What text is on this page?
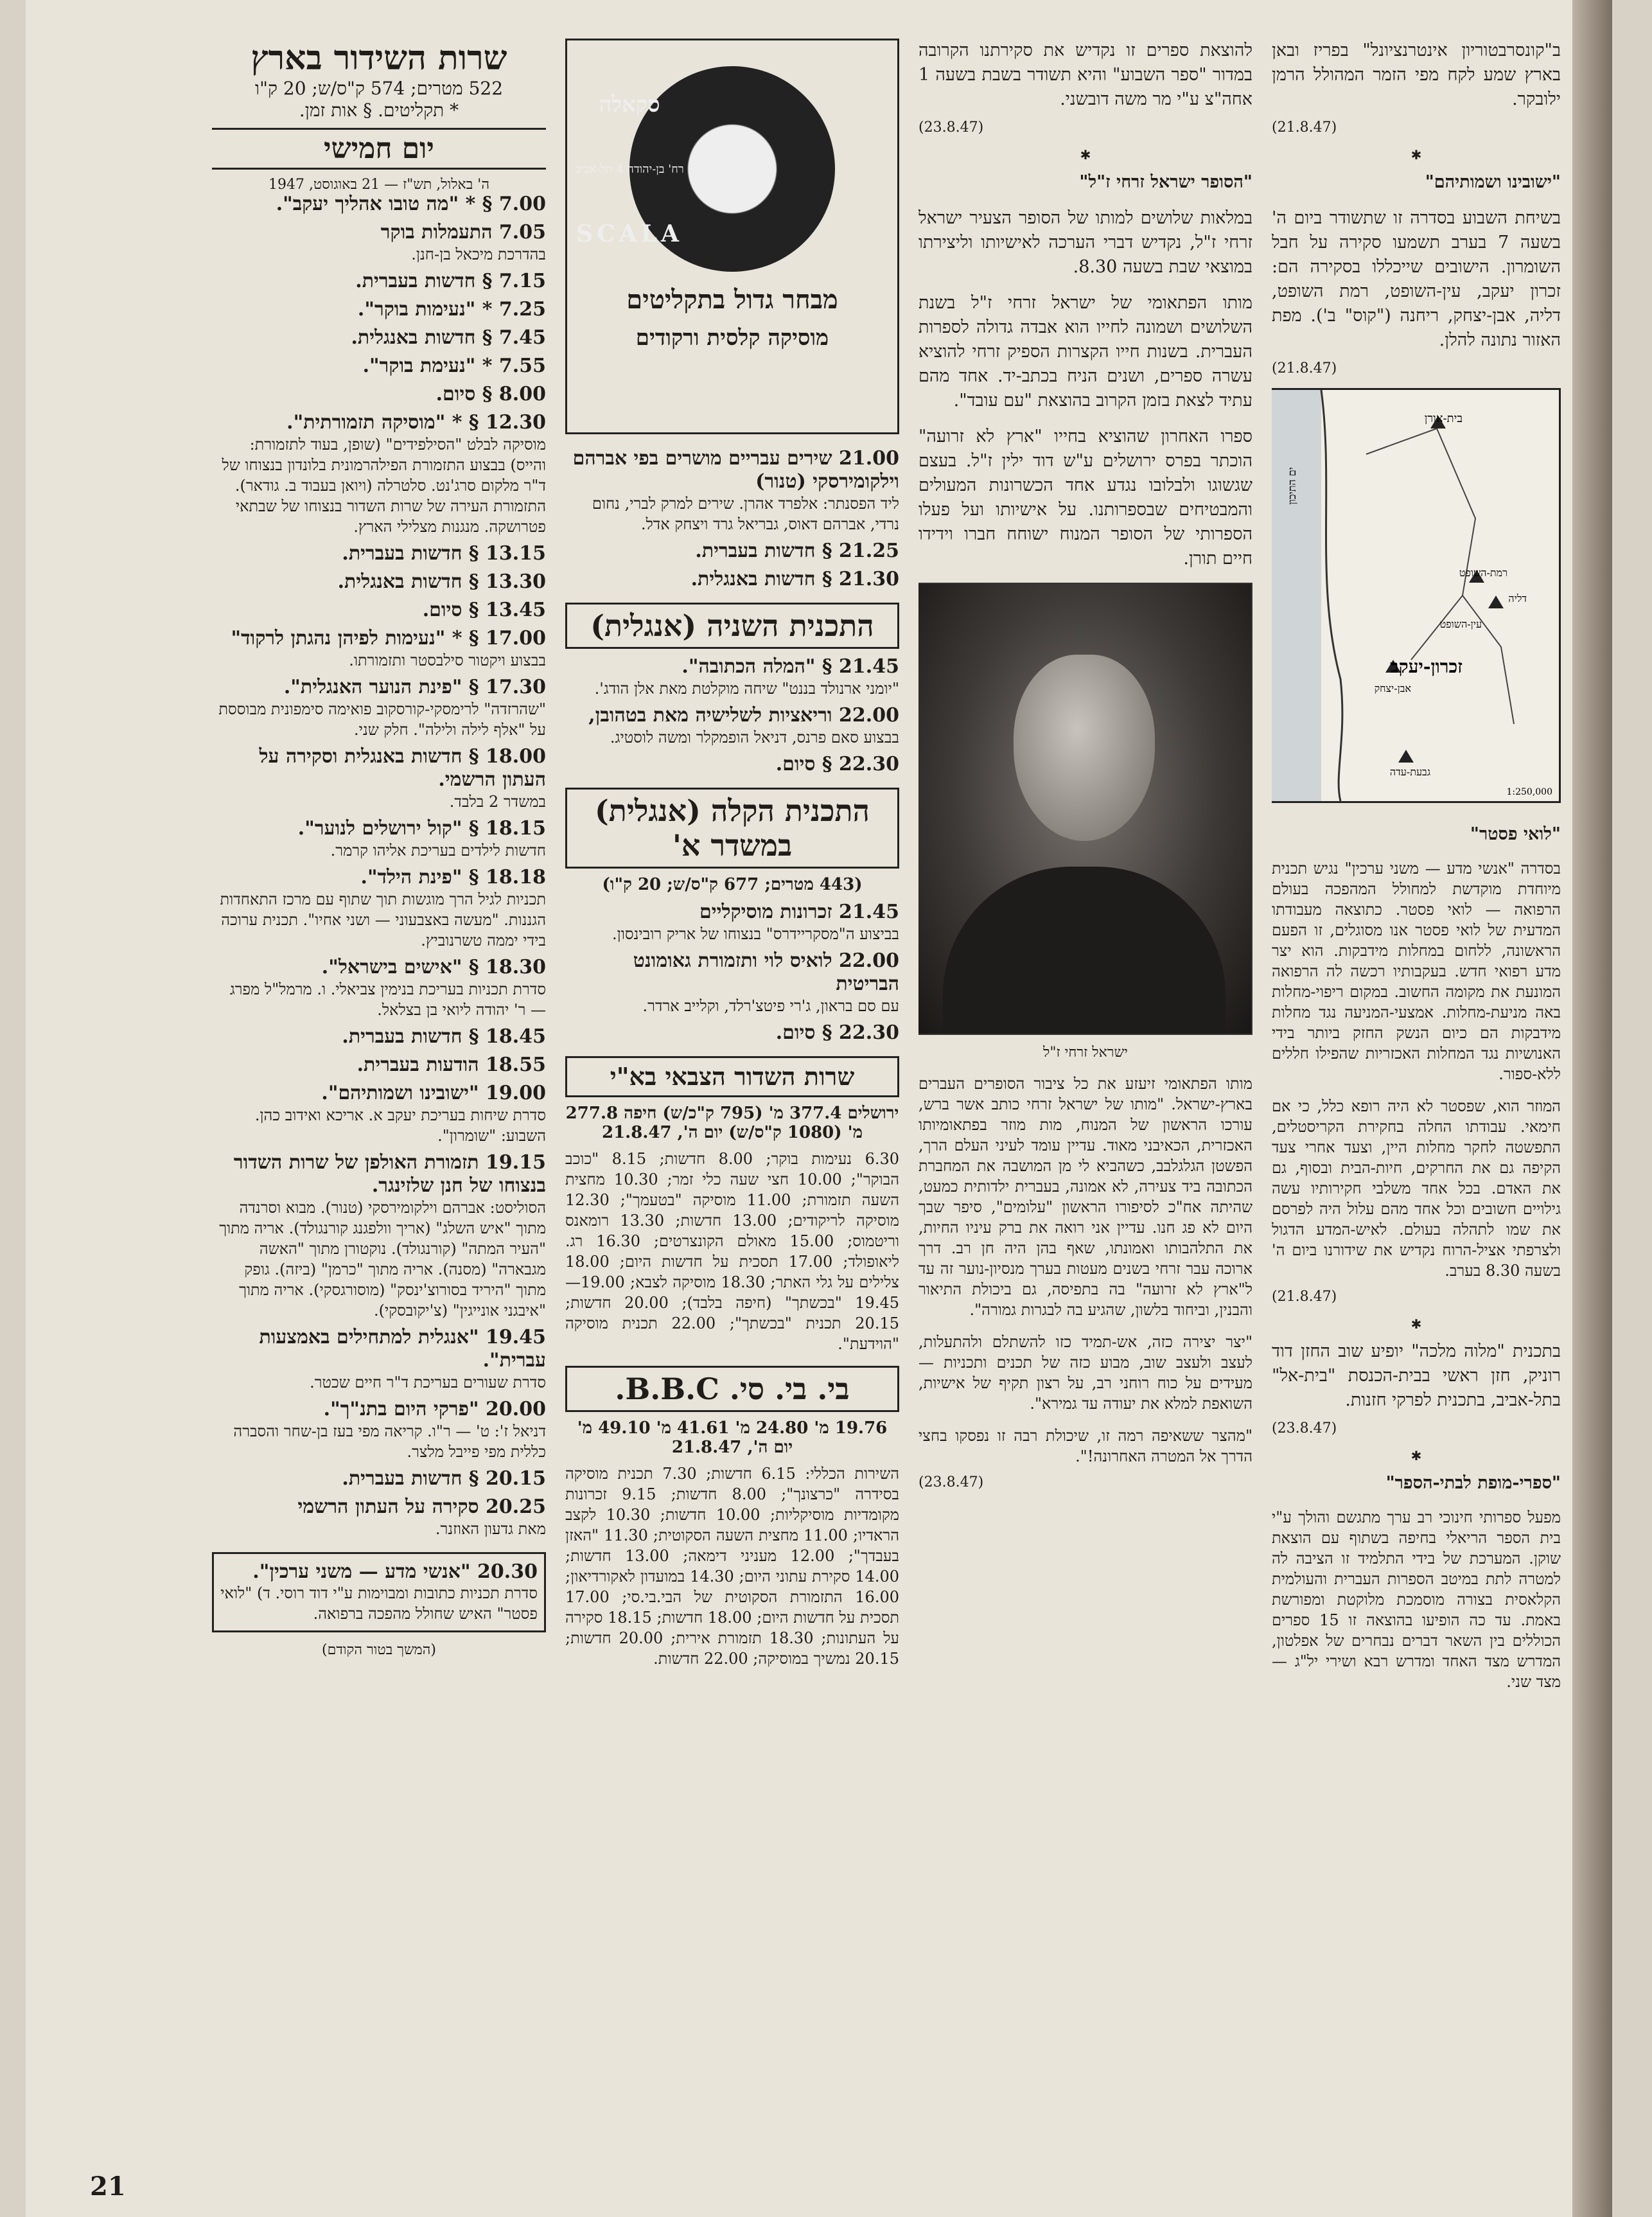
ב"קונסרבטוריון אינטרנציונל" בפריז ובאן בארץ שמע לקח מפי הזמר המהולל הרמן ילובקר.

(21.8.47)
✱

"ישובינו ושמותיהם"

בשיחת השבוע בסדרה זו שתשודר ביום ה' בשעה 7 בערב תשמעו סקירה על חבל השומרון. הישובים שייכללו בסקירה הם: זכרון יעקב, עין-השופט, רמת השופט, דליה, אבן-יצחק, ריחנה ("קוס" ב'). מפת האזור נתונה להלן.

(21.8.47)
בית-אורן
ים התיכון
רמת-השופט
דליה
עין-השופט
זכרון-יעקב
אבן-יצחק
גבעת-עדה
1:250,000

"לואי פסטר"

בסדרה "אנשי מדע — משני ערכין" נגיש תכנית מיוחדת מוקדשת למחולל המהפכה בעולם הרפואה — לואי פסטר. כתוצאה מעבודתו המדעית של לואי פסטר אנו מסוגלים, זו הפעם הראשונה, ללחום במחלות מידבקות. הוא יצר מדע רפואי חדש. בעקבותיו רכשה לה הרפואה המונעת את מקומה החשוב. במקום ריפוי-מחלות באה מניעת-מחלות. אמצעי-המניעה נגד מחלות מידבקות הם כיום הנשק החזק ביותר בידי האנושיות נגד המחלות האכזריות שהפילו חללים ללא-ספור.

המוזר הוא, שפסטר לא היה רופא כלל, כי אם חימאי. עבודתו החלה בחקירת הקריסטלים, התפשטה לחקר מחלות היין, וצעד אחרי צעד הקיפה גם את החרקים, חיות-הבית ובסוף, גם את האדם. בכל אחד משלבי חקירותיו עשה גילויים חשובים וכל אחד מהם עלול היה לפרסם את שמו לתהלה בעולם. לאיש-המדע הדגול ולצרפתי אציל-הרוח נקדיש את שידורנו ביום ה' בשעה 8.30 בערב.

(21.8.47)
✱

בתכנית "מלוה מלכה" יופיע שוב החזן דוד רוניק, חזן ראשי בבית-הכנסת "בית-אל" בתל-אביב, בתכנית לפרקי חזנות.

(23.8.47)
✱

"ספרי-מופת לבתי-הספר"

מפעל ספרותי חינוכי רב ערך מתגשם והולך ע"י בית הספר הריאלי בחיפה בשתוף עם הוצאת שוקן. המערכת של בידי התלמיד זו הציבה לה למטרה לתת במיטב הספרות העברית והעולמית הקלאסית בצורה מוסמכת מלוקטת ומפורשת באמת. עד כה הופיעו בהוצאה זו 15 ספרים הכוללים בין השאר דברים נבחרים של אפלטון, המדרש מצד האחד ומדרש רבא ושירי יל"ג — מצד שני.

להוצאת ספרים זו נקדיש את סקירתנו הקרובה במדור "ספר השבוע" והיא תשודר בשבת בשעה 1 אחה"צ ע"י מר משה דובשני.

(23.8.47)
✱

"הסופר ישראל זרחי ז"ל"

במלאות שלושים למותו של הסופר הצעיר ישראל זרחי ז"ל, נקדיש דברי הערכה לאישיותו וליצירתו במוצאי שבת בשעה 8.30.

מותו הפתאומי של ישראל זרחי ז"ל בשנת השלושים ושמונה לחייו הוא אבדה גדולה לספרות העברית. בשנות חייו הקצרות הספיק זרחי להוציא עשרה ספרים, ושנים הניח בכתב-יד. אחד מהם עתיד לצאת בזמן הקרוב בהוצאת "עם עובד".

ספרו האחרון שהוציא בחייו "ארץ לא זרועה" הוכתר בפרס ירושלים ע"ש דוד ילין ז"ל. בעצם שגשוגו ולבלובו נגדע אחד הכשרונות המעולים והמבטיחים שבספרותנו. על אישיותו ועל פעלו הספרותי של הסופר המנוח ישוחח חברו וידידו חיים תורן.

ישראל זרחי ז"ל

מותו הפתאומי זיעזע את כל ציבור הסופרים העברים בארץ-ישראל. "מותו של ישראל זרחי כותב אשר ברש, עורכו הראשון של המנוח, מות מוזר בפתאומיותו האכזרית, הכאיבני מאוד. עדיין עומד לעיני העלם הרך, הפשטן הגלגלבב, כשהביא לי מן המושבה את המחברת הכתובה ביד צעירה, לא אמונה, בעברית ילדותית כמעט, שהיתה אח"כ לסיפורו הראשון "עלומים", סיפר שבך היום לא פג חנו. עדיין אני רואה את ברק עיניו החיות, את התלהבותו ואמונתו, שאף בהן היה חן רב. דרך ארוכה עבר זרחי בשנים מעטות בערך מנסיון-נוער זה עד ל"ארץ לא זרועה" בה בתפיסה, גם ביכולת התיאור והבנין, וביחוד בלשון, שהגיע בה לבגרות גמורה".

"יצר יצירה כזה, אש-תמיד כזו להשתלם ולהתעלות, לעצב ולעצב שוב, מבוע כזה של תכנים ותכניות — מעידים על כוח רוחני רב, על רצון תקיף של אישיות, השואפת למלא את יעודה עד גמירא".

"מהצר ששאיפה רמה זו, שיכולת רבה זו נפסקו בחצי הדרך אל המטרה האחרונה!".

(23.8.47)
סקאלה
רח' בן-יהודה 4 תל-אביב
SCALA
מבחר גדול בתקליטים
מוסיקה קלסית ורקודים
21.00 שירים עבריים מושרים בפי אברהם וילקומירסקי (טנור)
ליד הפסנתר: אלפרד אהרן. שירים למרק לברי, נחום נרדי, אברהם דאוס, גבריאל גרד ויצחק אדל.
21.25 § חדשות בעברית.
21.30 § חדשות באנגלית.
התכנית השניה (אנגלית)
21.45 § "המלה הכתובה".
"יומני ארנולד בננט" שיחה מוקלטת מאת אלן הודג'.
22.00 וריאציות לשלישיה מאת בטהובן,
בבצוע סאם פרנס, דניאל הופמקלר ומשה לוסטיג.
22.30 § סיום.
התכנית הקלה (אנגלית) במשדר א'
(443 מטרים; 677 ק"ס/ש; 20 ק"ו)
21.45 זכרונות מוסיקליים
בביצוע ה"מסקריידרס" בנצוחו של אריק רובינסון.
22.00 לואיס לוי ותזמורת גאומונט הבריטית
עם סם בראון, ג'רי פיטצ'רלד, וקלייב ארדר.
22.30 § סיום.
שרות השדור הצבאי בא"י
ירושלים 377.4 מ' (795 ק"כ/ש) חיפה 277.8 מ' (1080 ק"ס/ש) יום ה', 21.8.47
6.30 נעימות בוקר; 8.00 חדשות; 8.15 "כוכב הבוקר"; 10.00 חצי שעה כלי זמר; 10.30 מחצית השעה תזמורת; 11.00 מוסיקה "בטעמך"; 12.30 מוסיקה לריקודים; 13.00 חדשות; 13.30 רומאנס וריטמוס; 15.00 מאולם הקונצרטים; 16.30 רג. ליאופולד; 17.00 תסכית על חדשות היום; 18.00 צלילים על גלי האתר; 18.30 מוסיקה לצבא; 19.00—19.45 "בכשתך" (חיפה בלבד); 20.00 חדשות; 20.15 תכנית "בכשתך"; 22.00 תכנית מוסיקה "הוידעת".
בי. בי. סי. B.B.C.
19.76 מ' 24.80 מ' 41.61 מ' 49.10 מ' יום ה', 21.8.47
השירות הכללי: 6.15 חדשות; 7.30 תכנית מוסיקה בסידרה "כרצונך"; 8.00 חדשות; 9.15 זכרונות מקומדיות מוסיקליות; 10.00 חדשות; 10.30 לקצב הראדיו; 11.00 מחצית השעה הסקוטית; 11.30 "האזן בעבדך"; 12.00 מעניני דימאה; 13.00 חדשות; 14.00 סקירת עתוני היום; 14.30 במועדון לאקורדיאון; 16.00 התזמורת הסקוטית של הבי.בי.סי; 17.00 תסכית על חדשות היום; 18.00 חדשות; 18.15 סקירה על העתונות; 18.30 תזמורת אירית; 20.00 חדשות; 20.15 נמשיך במוסיקה; 22.00 חדשות.
שרות השידור בארץ
522 מטרים; 574 ק"ס/ש; 20 ק"ו
* תקליטים. § אות זמן.
יום חמישי
ה' באלול, תש"ז — 21 באוגוסט, 1947
7.00 § * "מה טובו אהליך יעקב".
7.05 התעמלות בוקר
בהדרכת מיכאל בן-חנן.
7.15 § חדשות בעברית.
7.25 * "נעימות בוקר".
7.45 § חדשות באנגלית.
7.55 * "נעימת בוקר".
8.00 § סיום.
12.30 § * "מוסיקה תזמורתית".
מוסיקה לבלט "הסילפידים" (שופן, בעוד לתזמורת: והייס) בבצוע התזמורת הפילהרמונית בלונדון בנצוחו של ד"ר מלקום סרג'נט. סלטרלה (ויואן בעבוד ב. גודאר). התזמורת העירה של שרות השדור בנצוחו של שבתאי פטרושקה. מנגנות מצלילי הארץ.
13.15 § חדשות בעברית.
13.30 § חדשות באנגלית.
13.45 § סיום.
17.00 § * "נעימות לפיהן נהגתן לרקוד"
בבצוע ויקטור סילבסטר ותזמורתו.
17.30 § "פינת הנוער האנגלית".
"שהרזדה" לרימסקי-קורסקוב פואימה סימפונית מבוססת על "אלף לילה ולילה". חלק שני.
18.00 § חדשות באנגלית וסקירה על העתון הרשמי.
במשדר 2 בלבד.
18.15 § "קול ירושלים לנוער".
חדשות לילדים בעריכת אליהו קרמר.
18.18 § "פינת הילד".
תכניות לגיל הרך מוגשות תוך שתוף עם מרכז התאחדות הגננות. "מעשה באצבעוני — ושני אחיו". תכנית ערוכה בידי יממה טשרנוביץ.
18.30 § "אישים בישראל".
סדרת תכניות בעריכת בנימין צביאלי. ו. מרמל"ל מפרג — ר' יהודה ליואי בן בצלאל.
18.45 § חדשות בעברית.
18.55 הודעות בעברית.
19.00 "ישובינו ושמותיהם".
סדרת שיחות בעריכת יעקב א. אריכא ואידוב כהן. השבוע: "שומרון".
19.15 תזמורת האולפן של שרות השדור בנצוחו של חנן שלזינגר.
הסוליסט: אברהם וילקומירסקי (טנור). מבוא וסרנדה מתוך "איש השלג" (אריך וולפגנג קורנגולד). אריה מתוך "העיר המתה" (קורנגולד). נוקטורן מתוך "האשה מגבארה" (מסנה). אריה מתוך "כרמן" (ביזה). גופק מתוך "היריד בסורוצ'ינסק" (מוסורגסקי). אריה מתוך "איבגני אונייגין" (צ'יקובסקי).
19.45 "אנגלית למתחילים באמצעות עברית".
סדרת שעורים בעריכת ד"ר חיים שכטר.
20.00 "פרקי היום בתנ"ך".
דניאל ז': ט' — ר"ו. קריאה מפי בעז בן-שחר והסברה כללית מפי פייבל מלצר.
20.15 § חדשות בעברית.
20.25 סקירה על העתון הרשמי
מאת גדעון האוזנר.
20.30 "אנשי מדע — משני ערכין".
סדרת תכניות כתובות ומבוימות ע"י דוד רוסי. ד) "לואי פסטר" האיש שחולל מהפכה ברפואה.
(המשך בטור הקודם)
21
